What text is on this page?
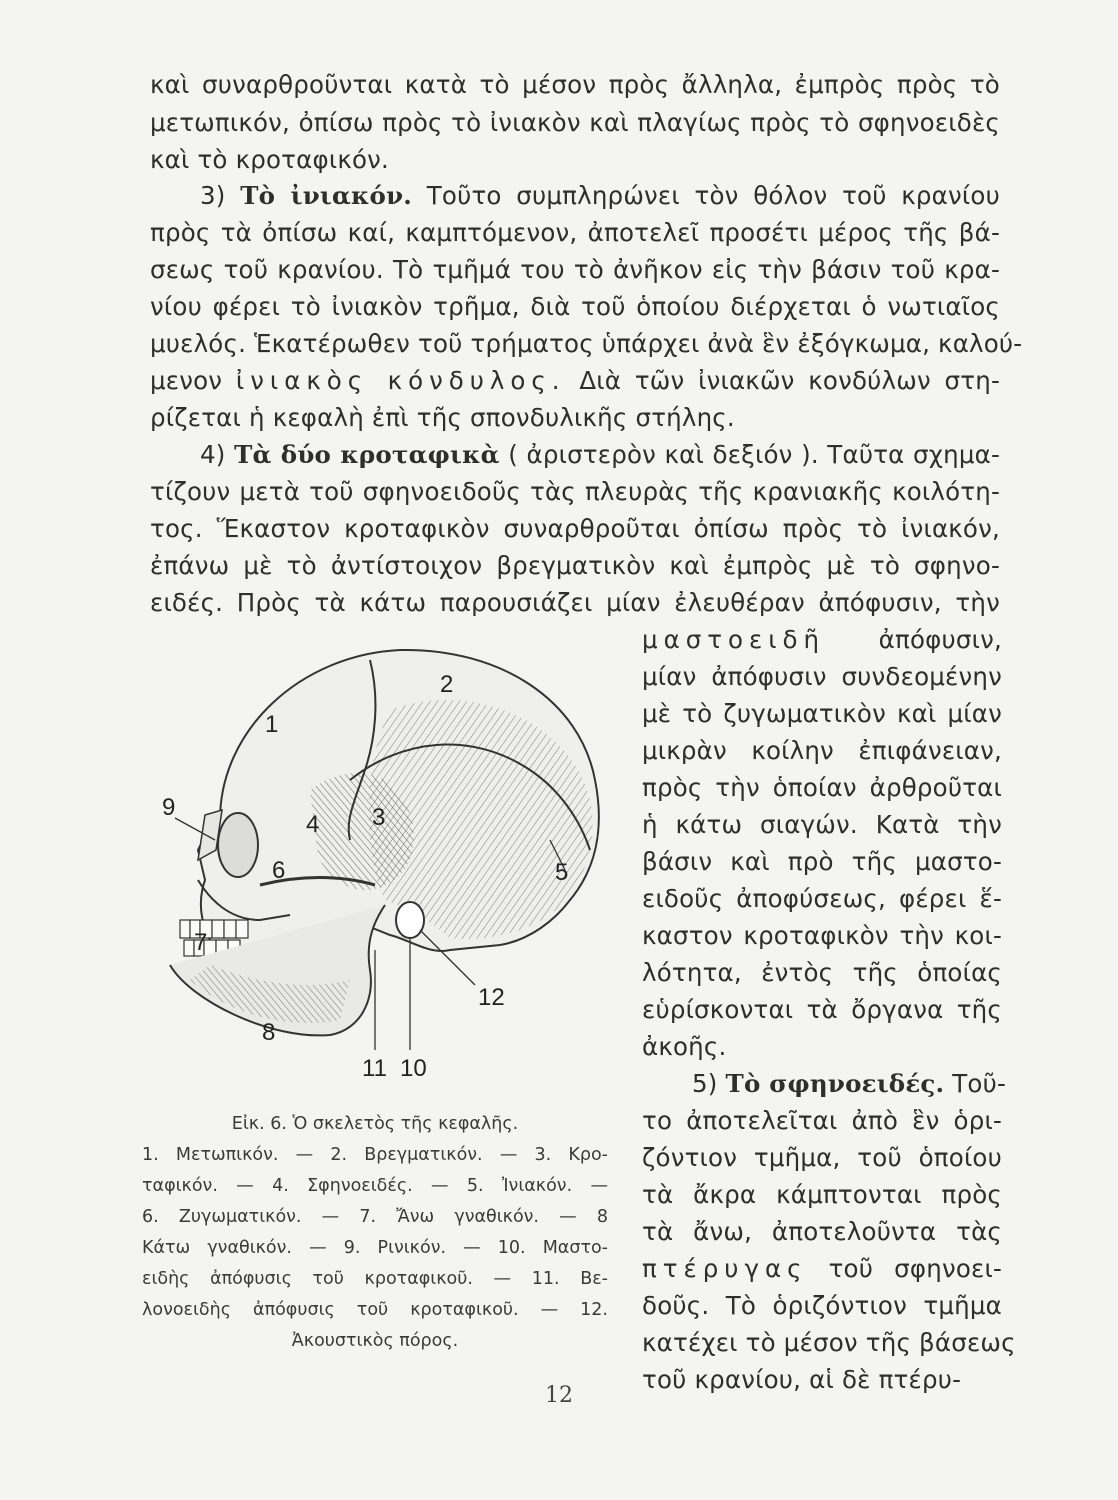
καὶ συναρθροῦνται κατὰ τὸ μέσον πρὸς ἄλληλα, ἐμπρὸς πρὸς τὸ
μετωπικόν, ὀπίσω πρὸς τὸ ἰνιακὸν καὶ πλαγίως πρὸς τὸ σφηνοειδὲς
καὶ τὸ κροταφικόν.
3) Τὸ ἰνιακόν. Τοῦτο συμπληρώνει τὸν θόλον τοῦ κρανίου
πρὸς τὰ ὀπίσω καί, καμπτόμενον, ἀποτελεῖ προσέτι μέρος τῆς βά-
σεως τοῦ κρανίου. Τὸ τμῆμά του τὸ ἀνῆκον εἰς τὴν βάσιν τοῦ κρα-
νίου φέρει τὸ ἰνιακὸν τρῆμα, διὰ τοῦ ὁποίου διέρχεται ὁ νωτιαῖος
μυελός. Ἑκατέρωθεν τοῦ τρήματος ὑπάρχει ἀνὰ ἓν ἐξόγκωμα, καλού-
μενον ἰνιακὸς κόνδυλος. Διὰ τῶν ἰνιακῶν κονδύλων στη-
ρίζεται ἡ κεφαλὴ ἐπὶ τῆς σπονδυλικῆς στήλης.
4) Τὰ δύο κροταφικὰ ( ἀριστερὸν καὶ δεξιόν ). Ταῦτα σχημα-
τίζουν μετὰ τοῦ σφηνοειδοῦς τὰς πλευρὰς τῆς κρανιακῆς κοιλότη-
τος. Ἕκαστον κροταφικὸν συναρθροῦται ὀπίσω πρὸς τὸ ἰνιακόν,
ἐπάνω μὲ τὸ ἀντίστοιχον βρεγματικὸν καὶ ἐμπρὸς μὲ τὸ σφηνο-
ειδές. Πρὸς τὰ κάτω παρουσιάζει μίαν ἐλευθέραν ἀπόφυσιν, τὴν
μαστοειδῆ ἀπόφυσιν,
μίαν ἀπόφυσιν συνδεομένην
μὲ τὸ ζυγωματικὸν καὶ μίαν
μικρὰν κοίλην ἐπιφάνειαν,
πρὸς τὴν ὁποίαν ἀρθροῦται
ἡ κάτω σιαγών. Κατὰ τὴν
βάσιν καὶ πρὸ τῆς μαστο-
ειδοῦς ἀποφύσεως, φέρει ἕ-
καστον κροταφικὸν τὴν κοι-
λότητα, ἐντὸς τῆς ὁποίας
εὑρίσκονται τὰ ὄργανα τῆς
ἀκοῆς.
5) Τὸ σφηνοειδές. Τοῦ-
το ἀποτελεῖται ἀπὸ ἓν ὁρι-
ζόντιον τμῆμα, τοῦ ὁποίου
τὰ ἄκρα κάμπτονται πρὸς
τὰ ἄνω, ἀποτελοῦντα τὰς
πτέρυγας τοῦ σφηνοει-
δοῦς. Τὸ ὁριζόντιον τμῆμα
κατέχει τὸ μέσον τῆς βάσεως
τοῦ κρανίου, αἱ δὲ πτέρυ-
1
2
3
4
5
6
7
8
9
10
11
12
Εἰκ. 6. Ὁ σκελετὸς τῆς κεφαλῆς.
1. Μετωπικόν. — 2. Βρεγματικόν. — 3. Κρο-
ταφικόν. — 4. Σφηνοειδές. — 5. Ἰνιακόν. —
6. Ζυγωματικόν. — 7. Ἄνω γναθικόν. — 8
Κάτω γναθικόν. — 9. Ρινικόν. — 10. Μαστο-
ειδὴς ἀπόφυσις τοῦ κροταφικοῦ. — 11. Βε-
λονοειδὴς ἀπόφυσις τοῦ κροταφικοῦ. — 12.
Ἀκουστικὸς πόρος.
12
